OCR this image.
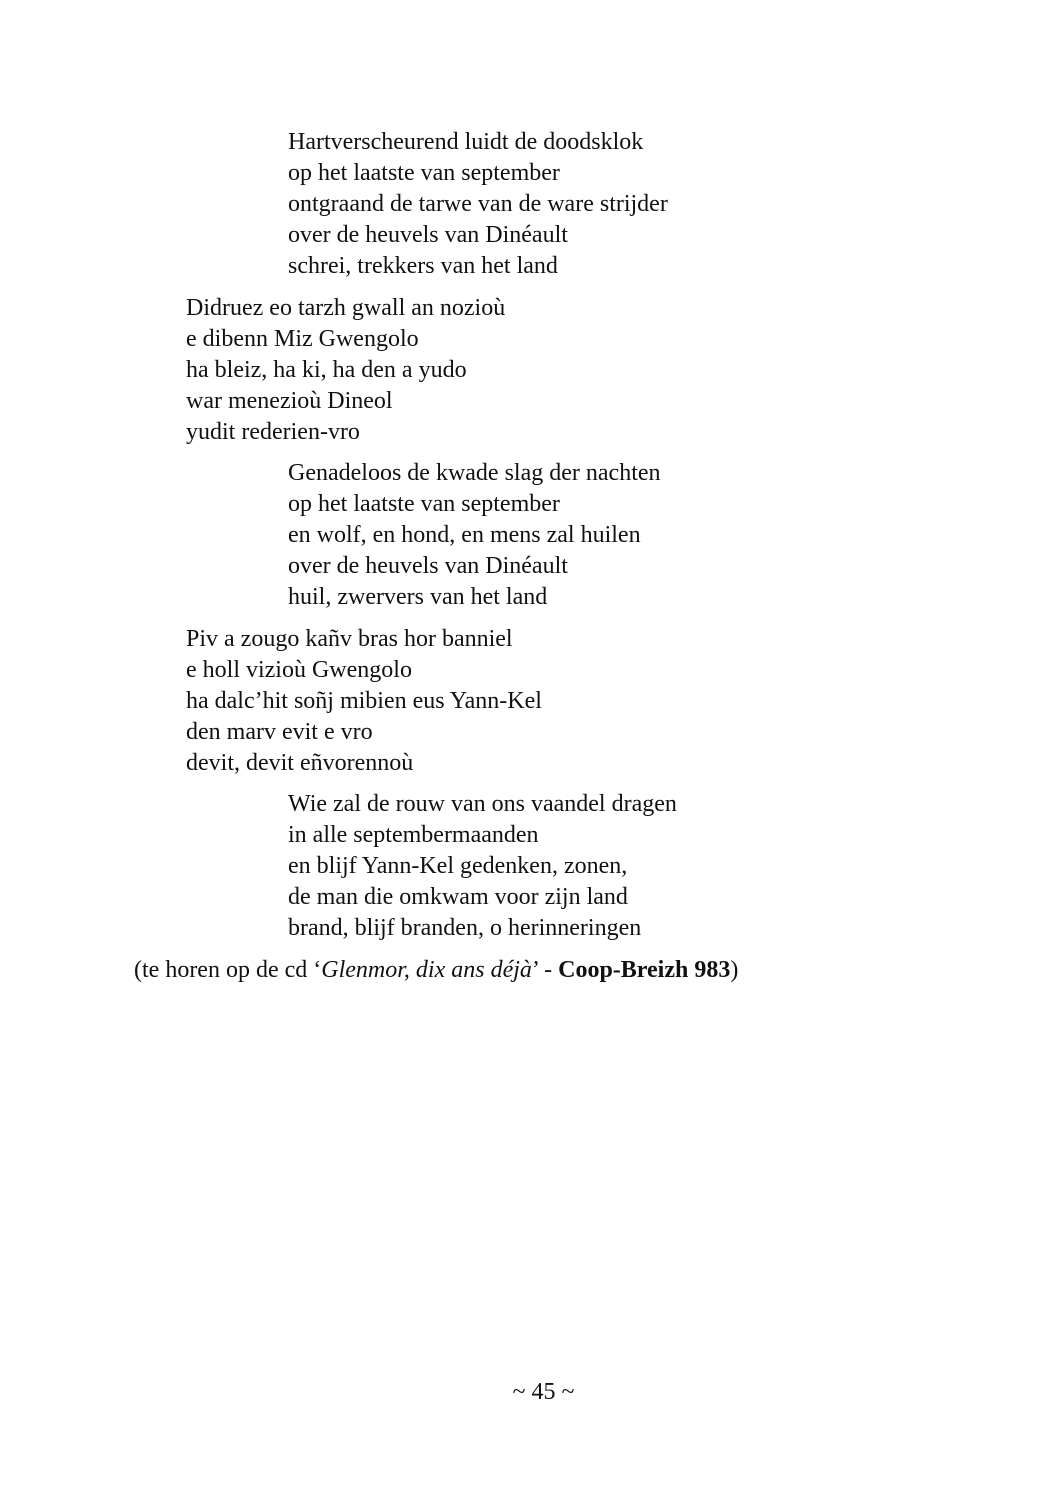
Hartverscheurend luidt de doodsklok
op het laatste van september
ontgraand de tarwe van de ware strijder
over de heuvels van Dinéault
schrei, trekkers van het land
Didruez eo tarzh gwall an nozioù
e dibenn Miz Gwengolo
ha bleiz, ha ki, ha den a yudo
war menezioù Dineol
yudit rederien-vro
Genadeloos de kwade slag der nachten
op het laatste van september
en wolf, en hond, en mens zal huilen
over de heuvels van Dinéault
huil, zwervers van het land
Piv a zougo kañv bras hor banniel
e holl vizioù Gwengolo
ha dalc’hit soñj mibien eus Yann-Kel
den marv evit e vro
devit, devit eñvorennoù
Wie zal de rouw van ons vaandel dragen
in alle septembermaanden
en blijf Yann-Kel gedenken, zonen,
de man die omkwam voor zijn land
brand, blijf branden, o herinneringen
(te horen op de cd ‘Glenmor, dix ans déjà’ - Coop-Breizh 983)
~ 45 ~
